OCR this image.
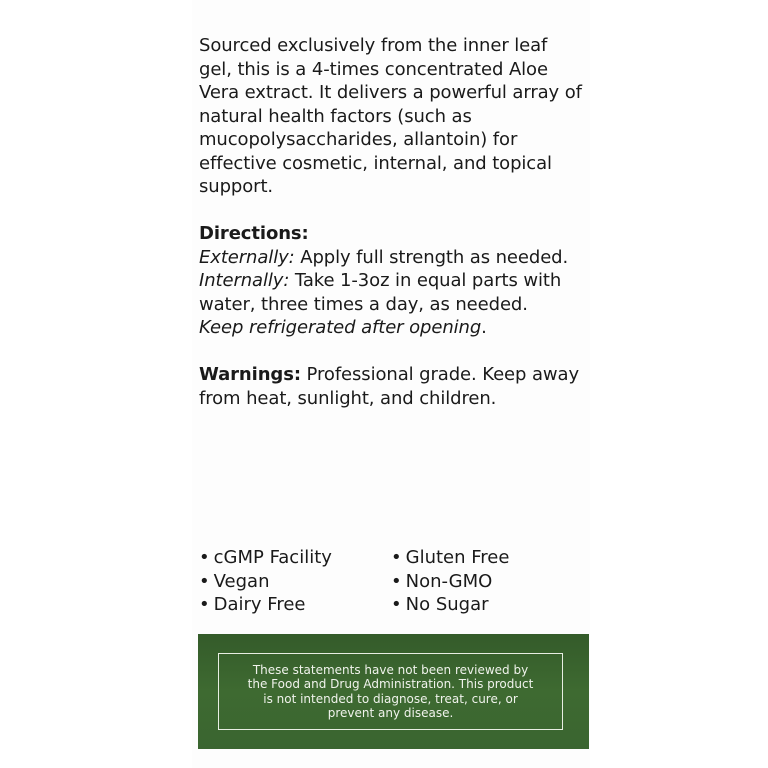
Sourced exclusively from the inner leaf gel, this is a 4-times concentrated Aloe Vera extract. It delivers a powerful array of natural health factors (such as mucopolysaccharides, allantoin) for effective cosmetic, internal, and topical support.

Directions:

Externally: Apply full strength as needed.

Internally: Take 1-3oz in equal parts with water, three times a day, as needed.

Keep refrigerated after opening.

Warnings: Professional grade. Keep away from heat, sunlight, and children.

• cGMP Facility
• Vegan
• Dairy Free
• Gluten Free
• Non-GMO
• No Sugar
These statements have not been reviewed by the Food and Drug Administration. This product is not intended to diagnose, treat, cure, or prevent any disease.
